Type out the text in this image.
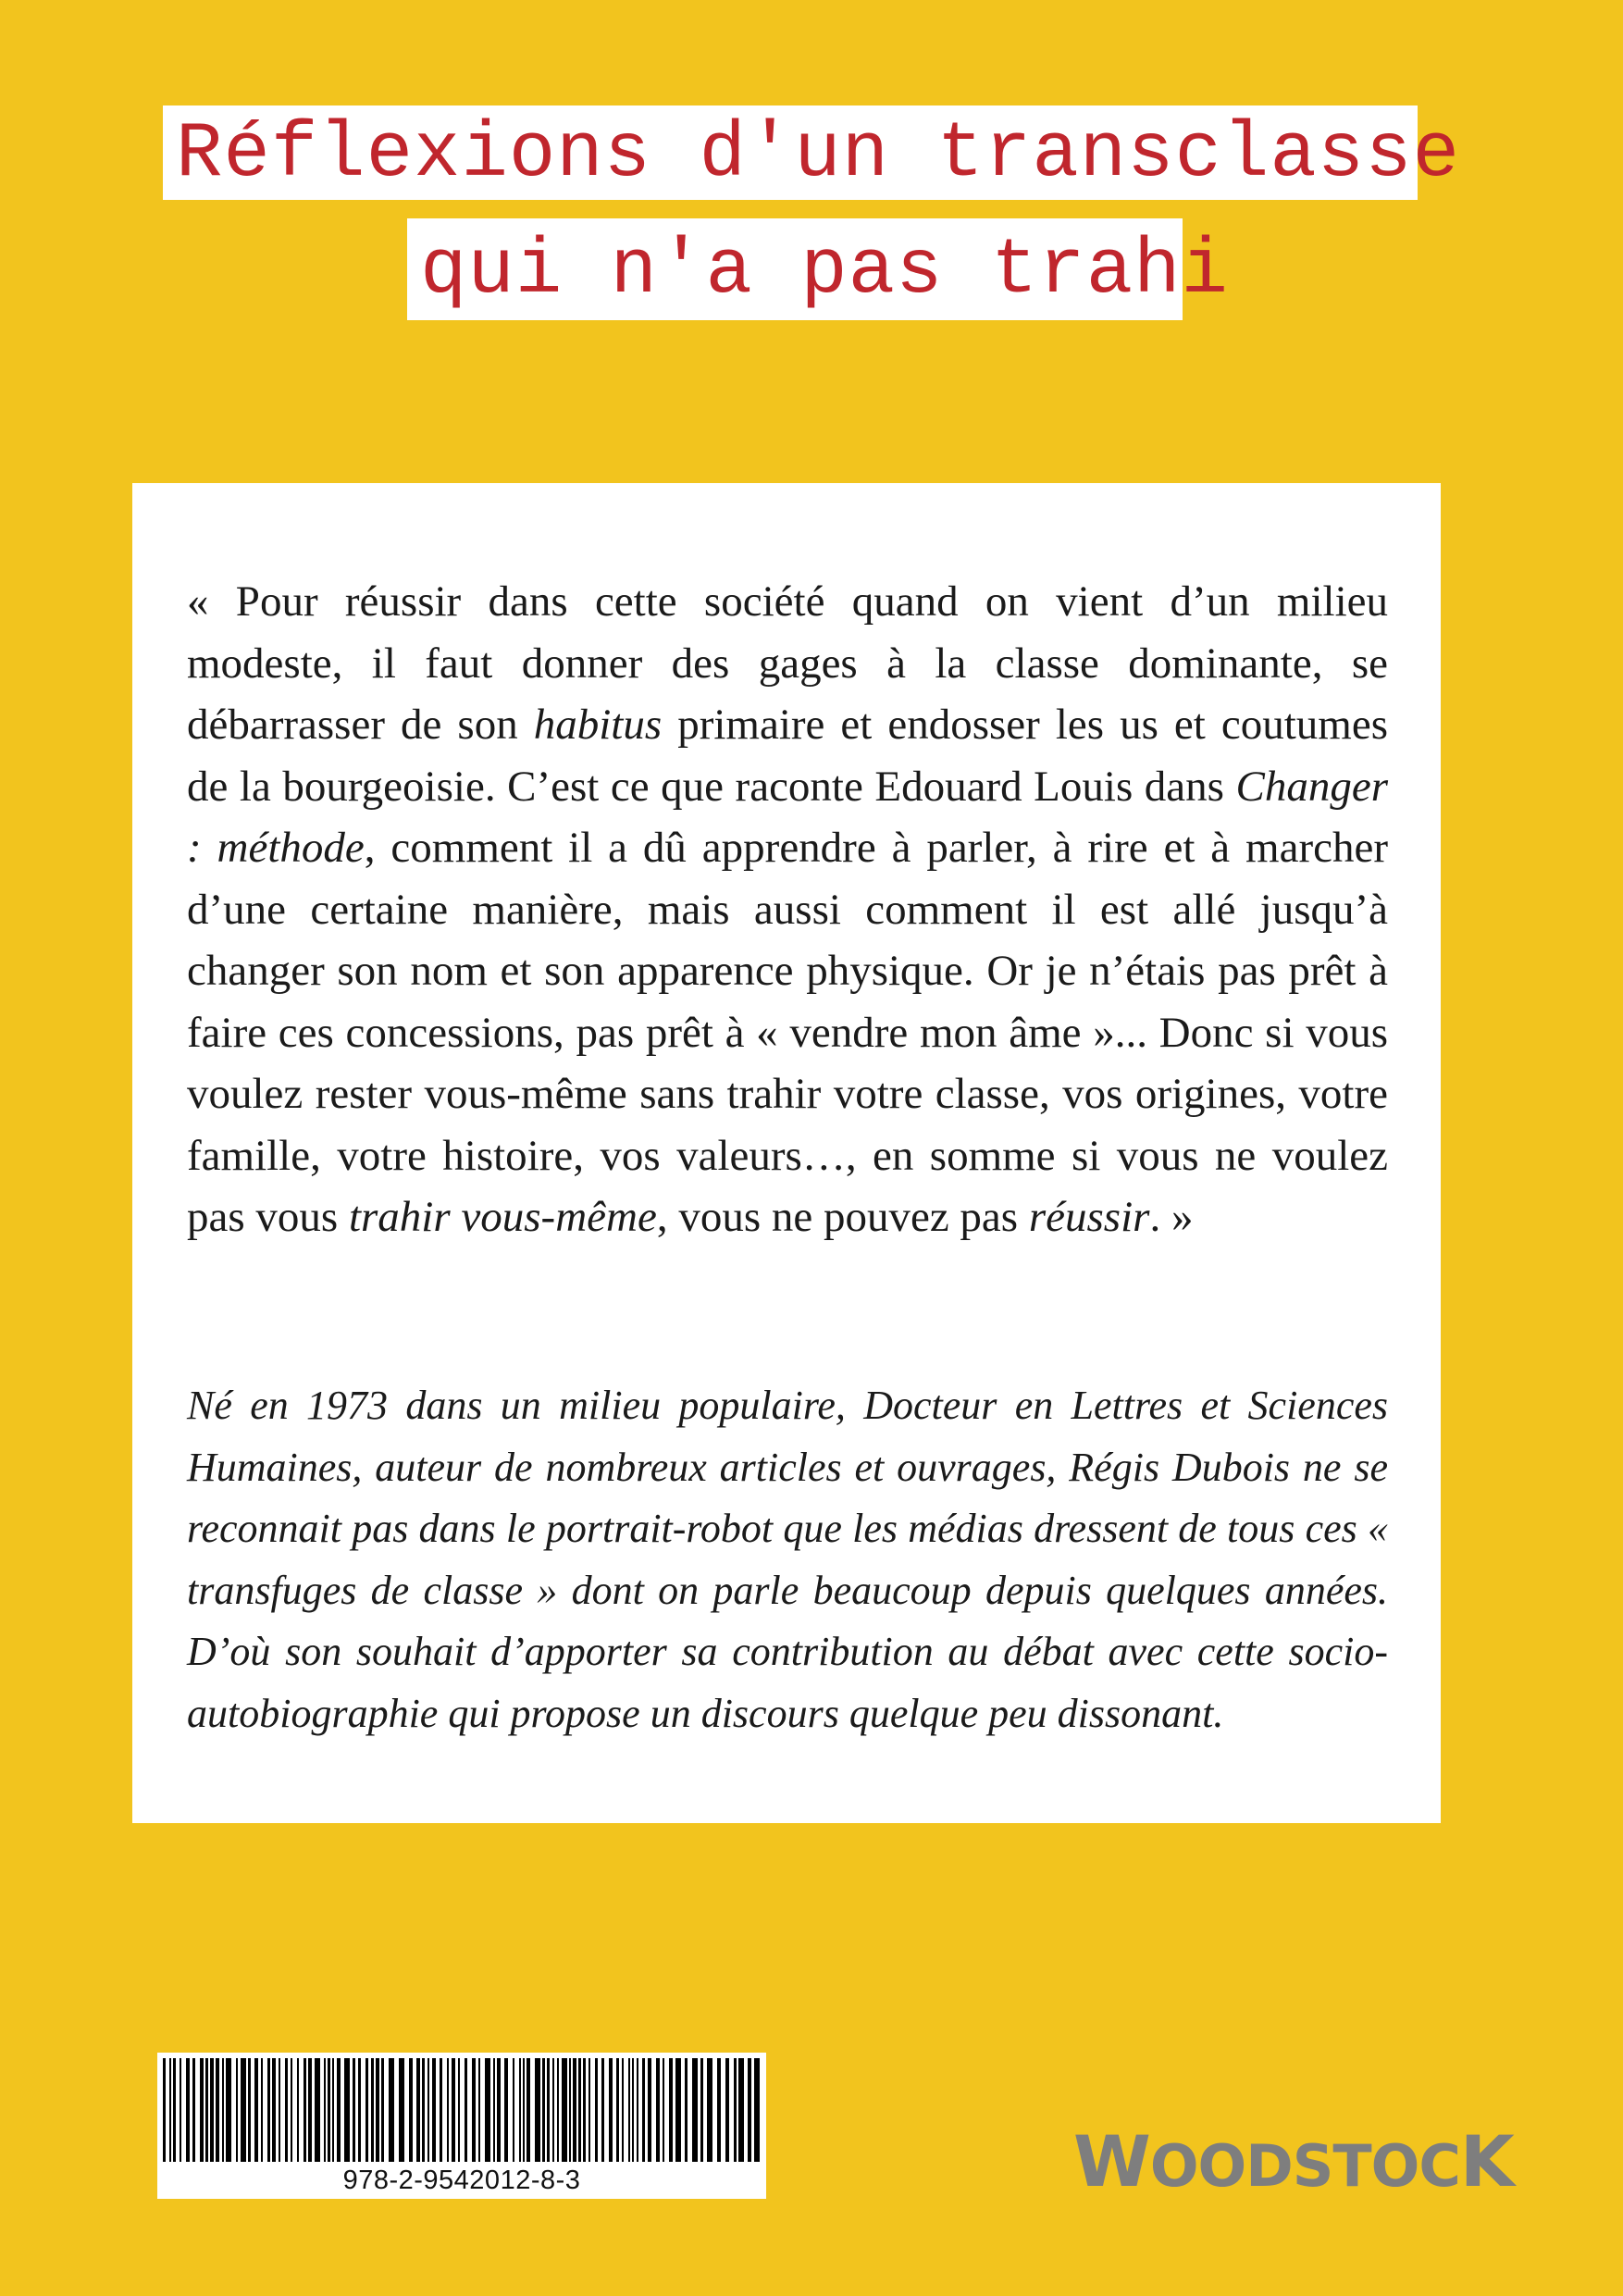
Réflexions d'un transclasse
qui n'a pas trahi

« Pour réussir dans cette société quand on vient d’un milieu modeste, il faut donner des gages à la classe dominante, se débarrasser de son habitus primaire et endosser les us et coutumes de la bourgeoisie. C’est ce que raconte Edouard Louis dans Changer : méthode, comment il a dû apprendre à parler, à rire et à marcher d’une certaine manière, mais aussi comment il est allé jusqu’à changer son nom et son apparence physique. Or je n’étais pas prêt à faire ces concessions, pas prêt à « vendre mon âme »... Donc si vous voulez rester vous-même sans trahir votre classe, vos origines, votre famille, votre histoire, vos valeurs…, en somme si vous ne voulez pas vous trahir vous-même, vous ne pouvez pas réussir. »

Né en 1973 dans un milieu populaire, Docteur en Lettres et Sciences Humaines, auteur de nombreux articles et ouvrages, Régis Dubois ne se reconnait pas dans le portrait-robot que les médias dressent de tous ces « transfuges de classe » dont on parle beaucoup depuis quelques années. D’où son souhait d’apporter sa contribution au débat avec cette socio-autobiographie qui propose un discours quelque peu dissonant.

978-2-9542012-8-3	WOODSTOCK
